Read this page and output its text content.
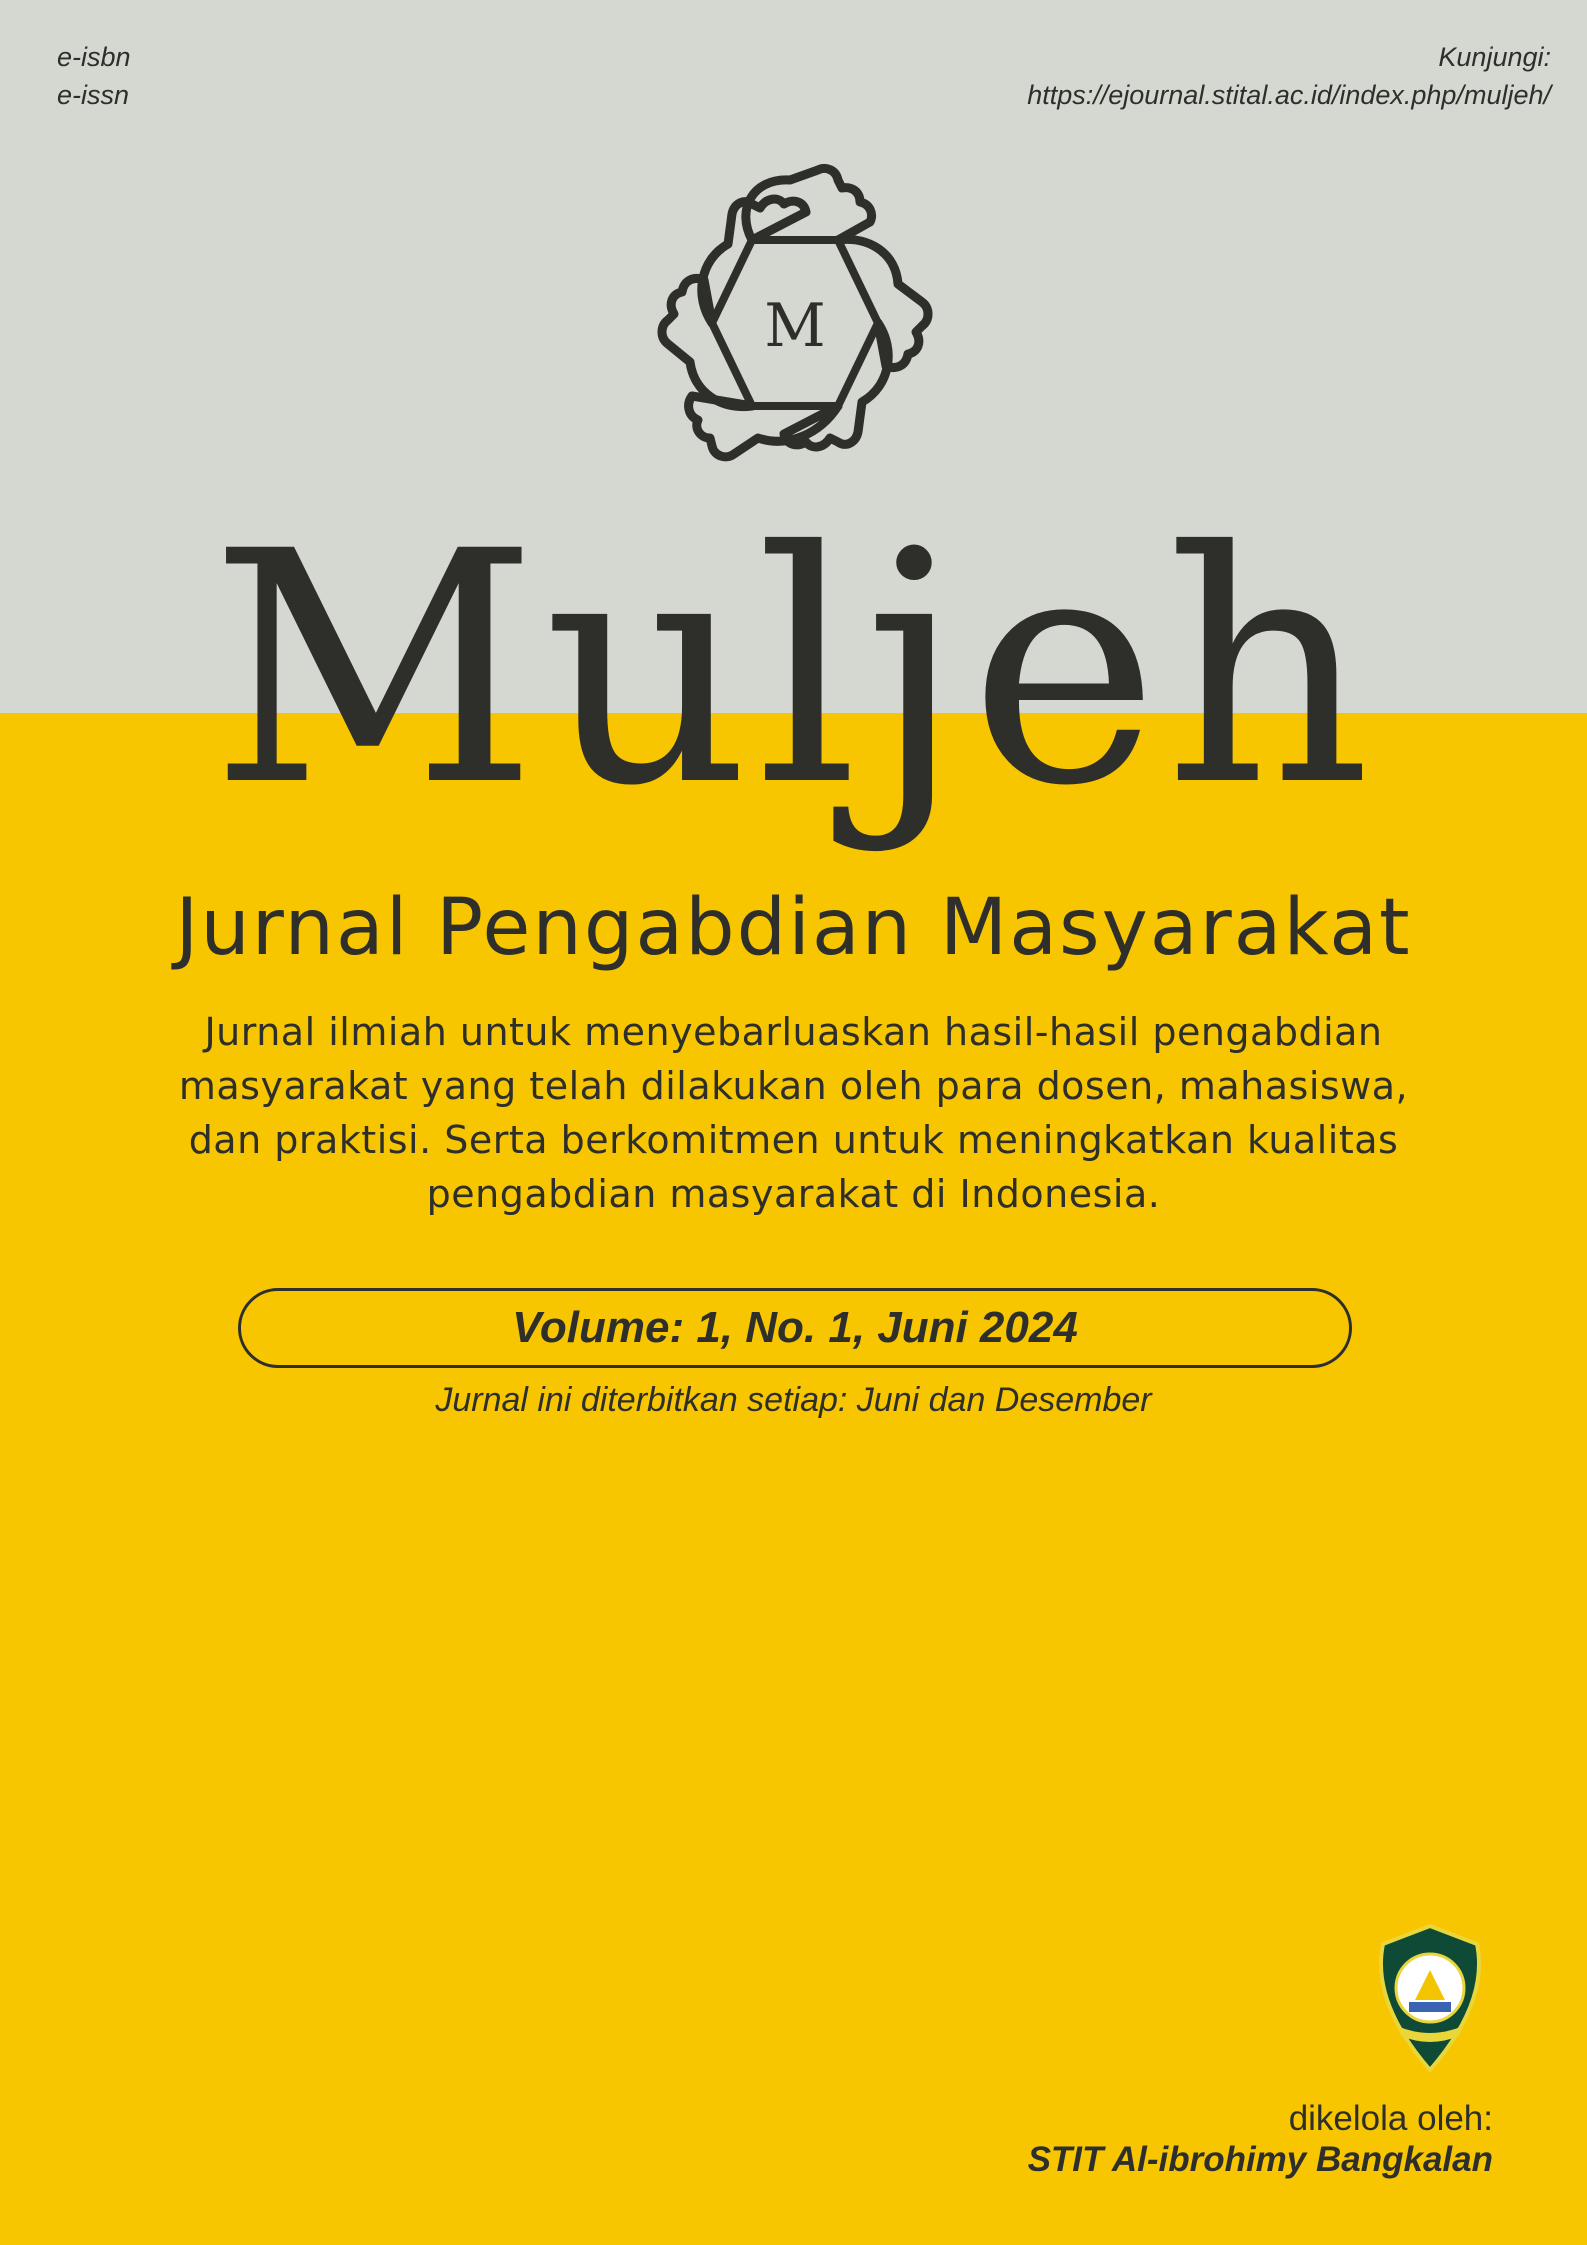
e-isbn
e-issn
Kunjungi:
https://ejournal.stital.ac.id/index.php/muljeh/
M
Muljeh
Jurnal Pengabdian Masyarakat
Jurnal ilmiah untuk menyebarluaskan hasil-hasil pengabdian
masyarakat yang telah dilakukan oleh para dosen, mahasiswa,
dan praktisi. Serta berkomitmen untuk meningkatkan kualitas
pengabdian masyarakat di Indonesia.
Volume: 1, No. 1, Juni 2024
Jurnal ini diterbitkan setiap: Juni dan Desember
dikelola oleh:
STIT Al-ibrohimy Bangkalan
